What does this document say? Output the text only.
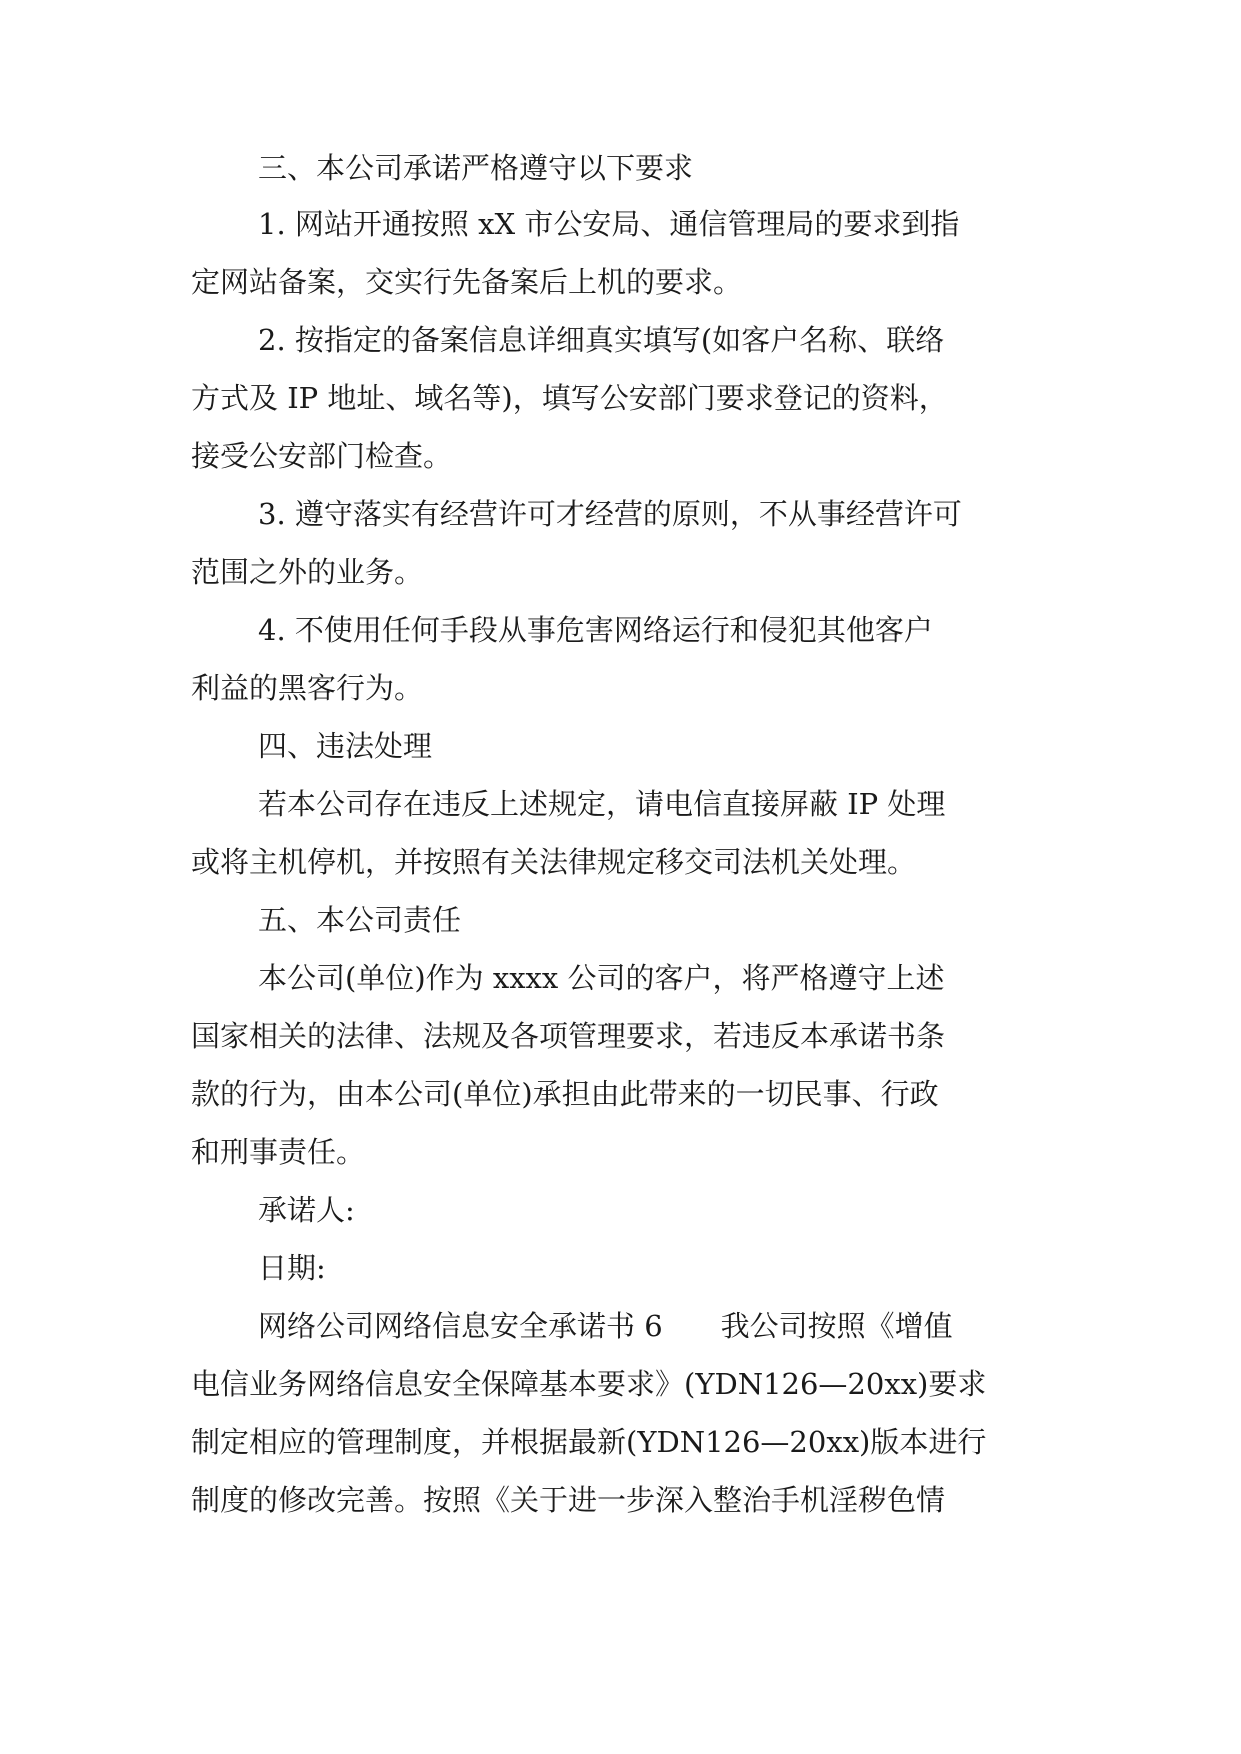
三、本公司承诺严格遵守以下要求
1. 网站开通按照 xX 市公安局、通信管理局的要求到指
定网站备案，交实行先备案后上机的要求。
2. 按指定的备案信息详细真实填写(如客户名称、联络
方式及 IP 地址、域名等)，填写公安部门要求登记的资料，
接受公安部门检查。
3. 遵守落实有经营许可才经营的原则，不从事经营许可
范围之外的业务。
4. 不使用任何手段从事危害网络运行和侵犯其他客户
利益的黑客行为。
四、违法处理
若本公司存在违反上述规定，请电信直接屏蔽 IP 处理
或将主机停机，并按照有关法律规定移交司法机关处理。
五、本公司责任
本公司(单位)作为 xxxx 公司的客户，将严格遵守上述
国家相关的法律、法规及各项管理要求，若违反本承诺书条
款的行为，由本公司(单位)承担由此带来的一切民事、行政
和刑事责任。
承诺人:
日期:
网络公司网络信息安全承诺书 6　　我公司按照《增值
电信业务网络信息安全保障基本要求》(YDN126—20xx)要求
制定相应的管理制度，并根据最新(YDN126—20xx)版本进行
制度的修改完善。按照《关于进一步深入整治手机淫秽色情
